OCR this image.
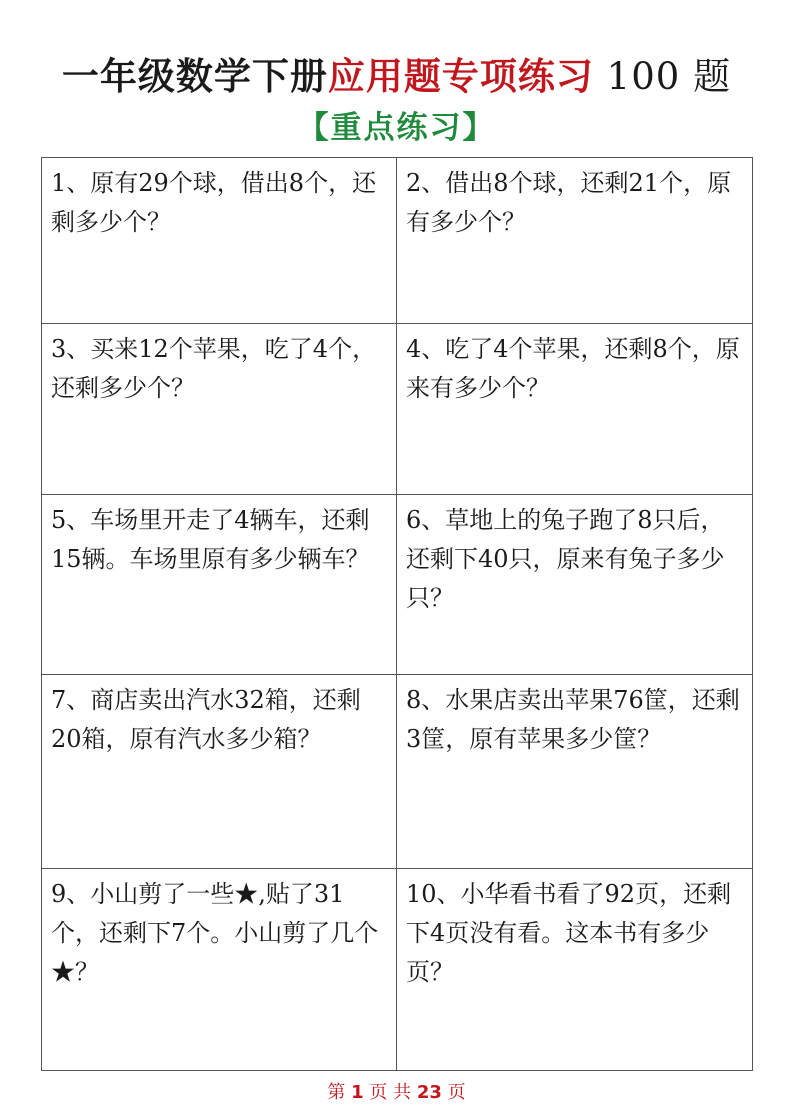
一年级数学下册应用题专项练习 100 题
【重点练习】
1、原有29个球，借出8个，还剩多少个？
2、借出8个球，还剩21个，原有多少个？
3、买来12个苹果，吃了4个，还剩多少个？
4、吃了4个苹果，还剩8个，原来有多少个？
5、车场里开走了4辆车，还剩15辆。车场里原有多少辆车？
6、草地上的兔子跑了8只后，还剩下40只，原来有兔子多少只？
7、商店卖出汽水32箱，还剩20箱，原有汽水多少箱？
8、水果店卖出苹果76筐，还剩3筐，原有苹果多少筐？
9、小山剪了一些★,贴了31个，还剩下7个。小山剪了几个★？
10、小华看书看了92页，还剩下4页没有看。这本书有多少页？
第 1 页 共 23 页
